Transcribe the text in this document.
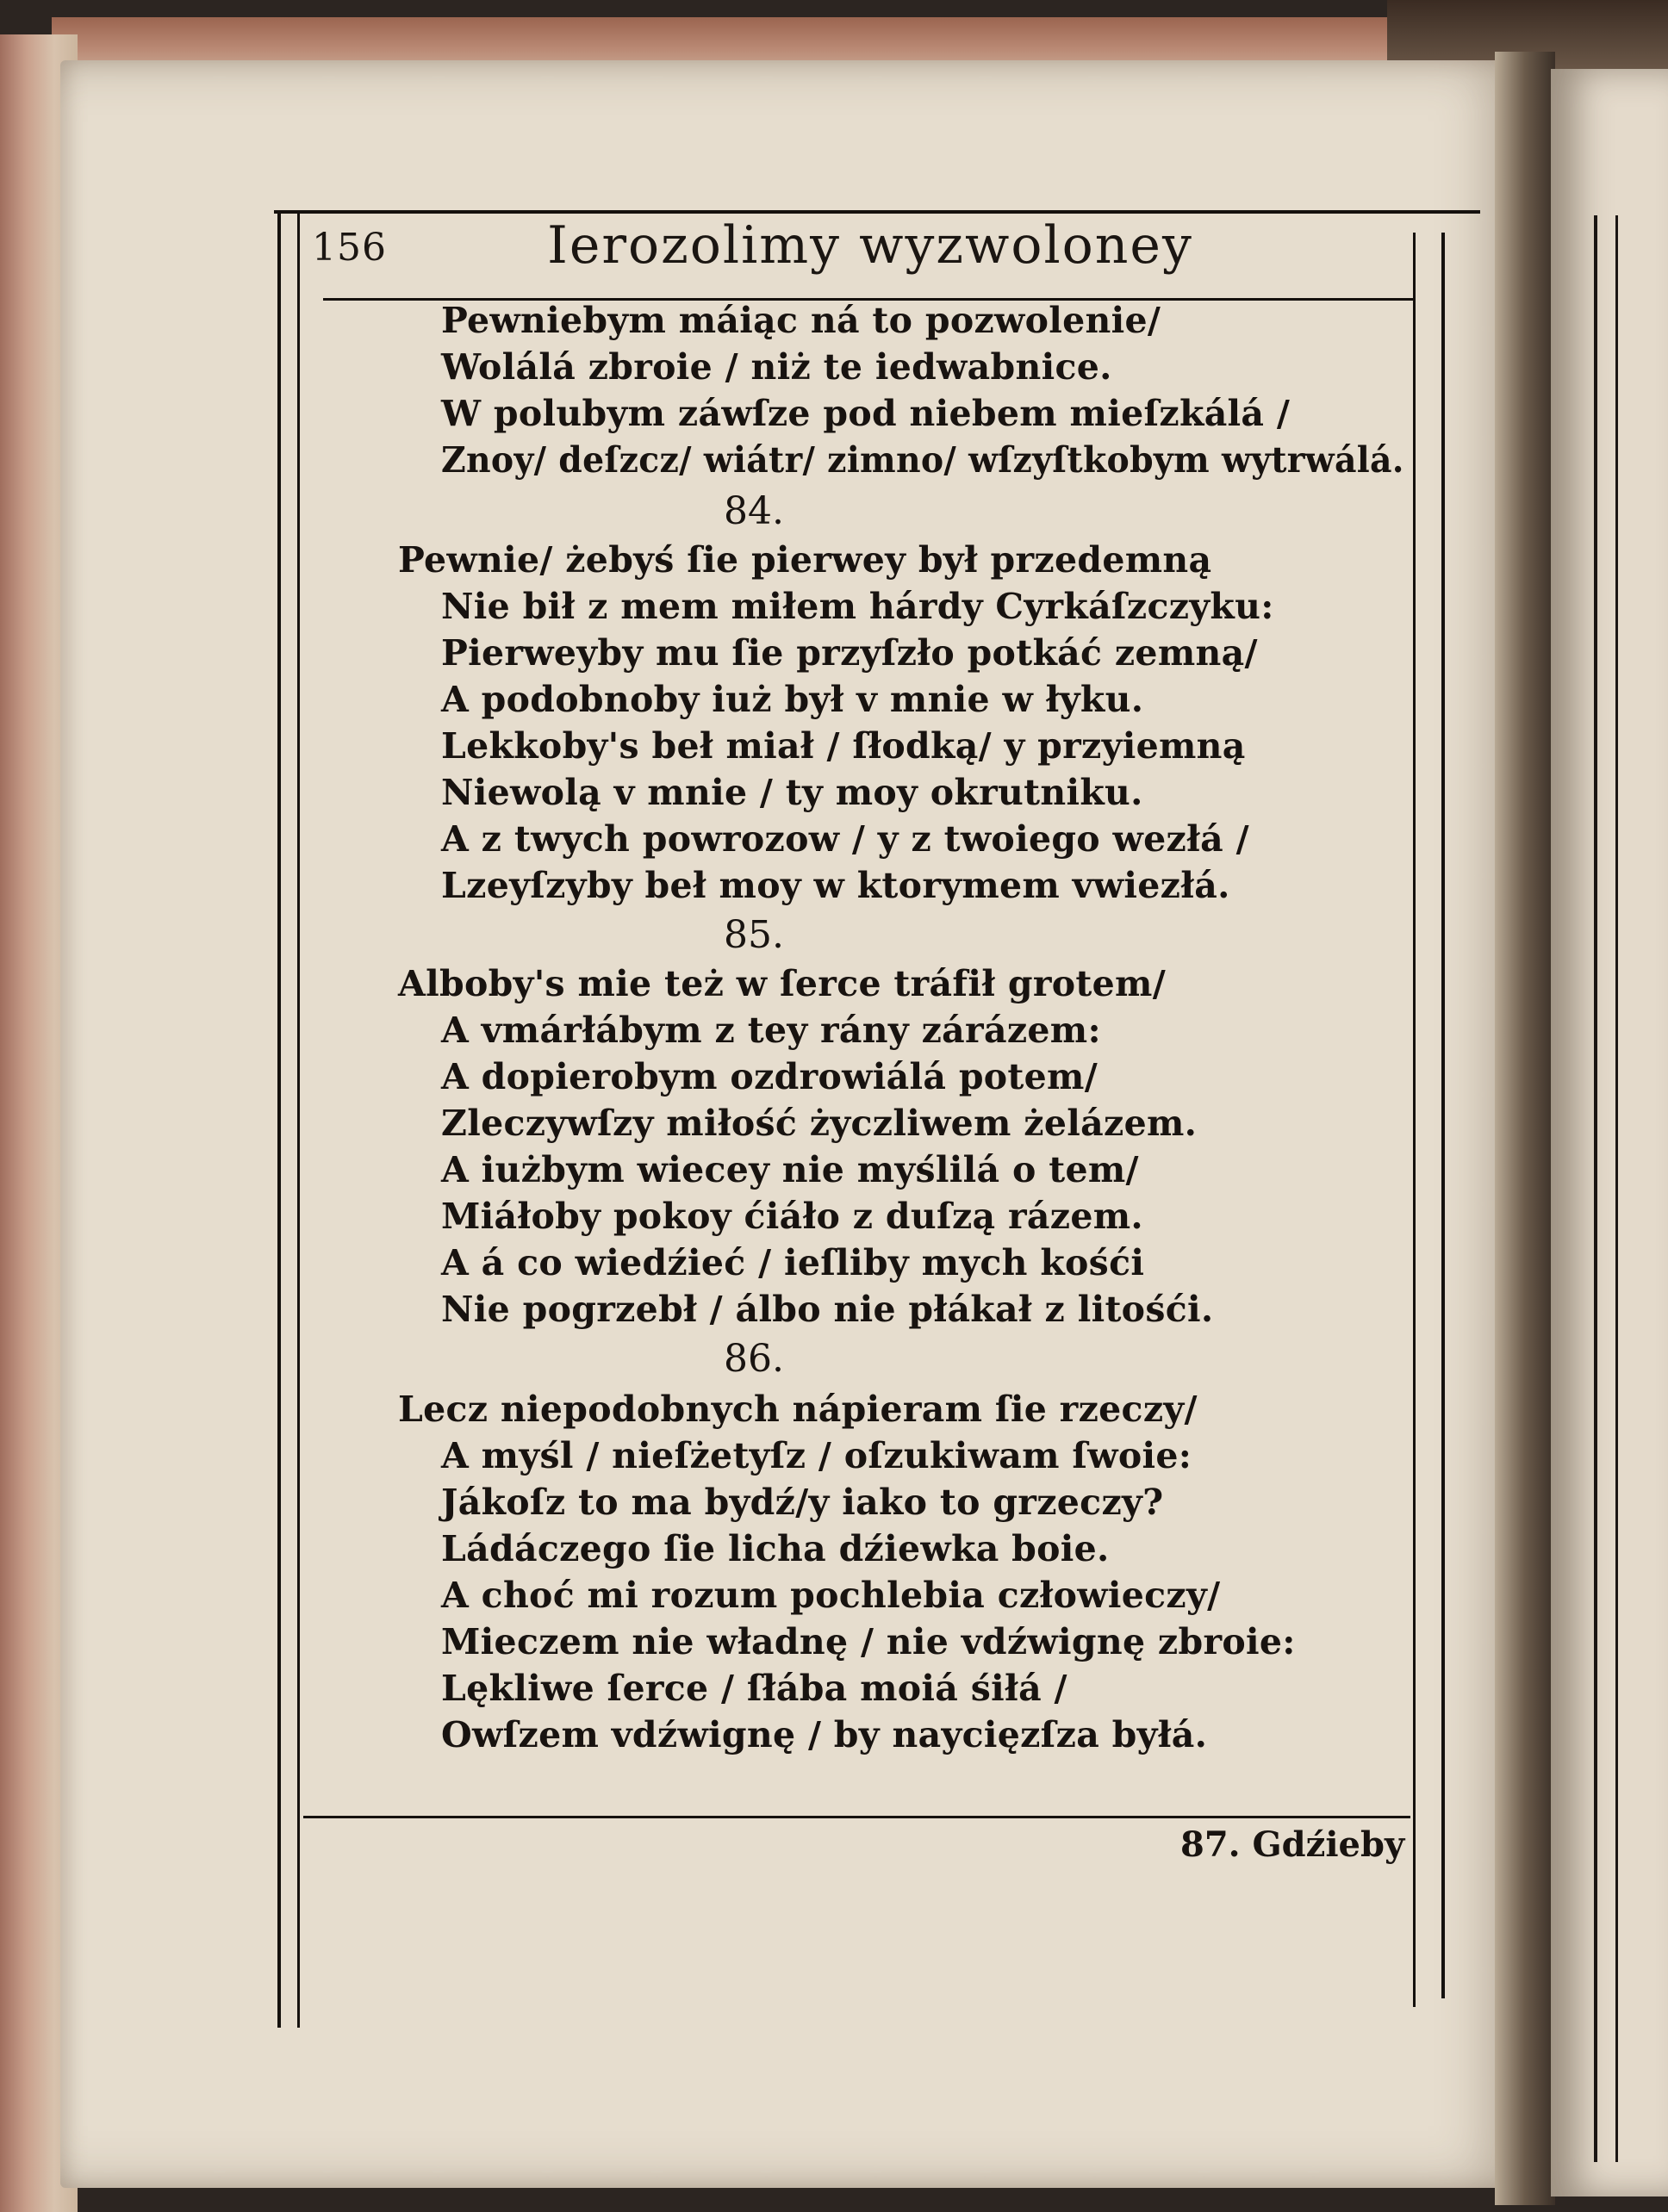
156	Ierozolimy wyzwoloney
Pewniebym máiąc ná to pozwolenie/
Wolálá zbroie / niż te iedwabnice.
W polubym záwſze pod niebem mieſzkálá /
Znoy/ deſzcz/ wiátr/ zimno/ wſzyſtkobym wytrwálá.
84.
Pewnie/ żebyś ſie pierwey był przedemną
Nie bił z mem miłem hárdy Cyrkáſzczyku:
Pierweyby mu ſie przyſzło potkáć zemną/
A podobnoby iuż był v mnie w łyku.
Lekkoby's beł miał / ſłodką/ y przyiemną
Niewolą v mnie / ty moy okrutniku.
A z twych powrozow / y z twoiego wezłá /
Lzeyſzyby beł moy w ktorymem vwiezłá.
85.
Alboby's mie też w ſerce tráfił grotem/
A vmárłábym z tey rány zárázem:
A dopierobym ozdrowiálá potem/
Zleczywſzy miłość życzliwem żelázem.
A iużbym wiecey nie myślilá o tem/
Miáłoby pokoy ćiáło z duſzą rázem.
A á co wiedźieć / ieſliby mych kośći
Nie pogrzebł / álbo nie płákał z litośći.
86.
Lecz niepodobnych nápieram ſie rzeczy/
A myśl / nieſżetyſz / oſzukiwam ſwoie:
Jákoſz to ma bydź/y iako to grzeczy?
Ládáczego ſie licha dźiewka boie.
A choć mi rozum pochlebia człowieczy/
Mieczem nie władnę / nie vdźwignę zbroie:
Lękliwe ſerce / ſłába moiá śiłá /
Owſzem vdźwignę / by naycięzſza byłá.
87. Gdźieby
